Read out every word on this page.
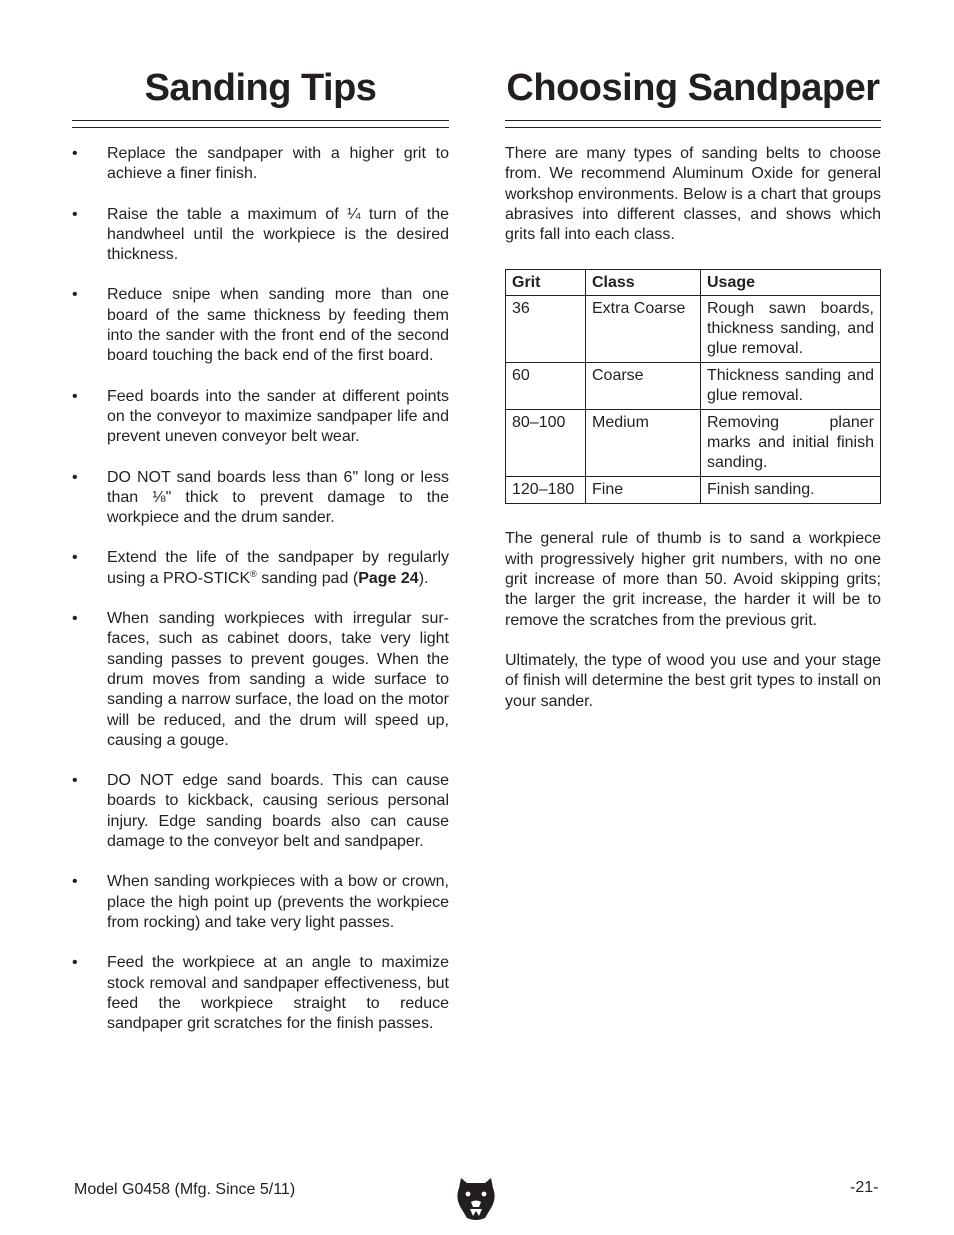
Sanding Tips
• Replace the sandpaper with a higher grit to achieve a finer finish.
• Raise the table a maximum of ¼ turn of the handwheel until the workpiece is the desired thickness.
• Reduce snipe when sanding more than one board of the same thickness by feeding them into the sander with the front end of the second board touching the back end of the first board.
• Feed boards into the sander at different points on the conveyor to maximize sandpaper life and prevent uneven conveyor belt wear.
• DO NOT sand boards less than 6" long or less than ⅛" thick to prevent damage to the workpiece and the drum sander.
• Extend the life of the sandpaper by regularly using a PRO-STICK® sanding pad (Page 24).
• When sanding workpieces with irregular surfaces, such as cabinet doors, take very light sanding passes to prevent gouges. When the drum moves from sanding a wide surface to sanding a narrow surface, the load on the motor will be reduced, and the drum will speed up, causing a gouge.
• DO NOT edge sand boards. This can cause boards to kickback, causing serious personal injury. Edge sanding boards also can cause damage to the conveyor belt and sandpaper.
• When sanding workpieces with a bow or crown, place the high point up (prevents the workpiece from rocking) and take very light passes.
• Feed the workpiece at an angle to maximize stock removal and sandpaper effectiveness, but feed the workpiece straight to reduce sandpaper grit scratches for the finish passes.
Choosing Sandpaper

There are many types of sanding belts to choose from. We recommend Aluminum Oxide for general workshop environments. Below is a chart that groups abrasives into different classes, and shows which grits fall into each class.

Grit	Class	Usage
36	Extra Coarse	Rough sawn boards, thickness sanding, and glue removal.
60	Coarse	Thickness sanding and glue removal.
80–100	Medium	Removing planer marks and initial finish sanding.
120–180	Fine	Finish sanding.

The general rule of thumb is to sand a workpiece with progressively higher grit numbers, with no one grit increase of more than 50. Avoid skipping grits; the larger the grit increase, the harder it will be to remove the scratches from the previous grit.

Ultimately, the type of wood you use and your stage of finish will determine the best grit types to install on your sander.

Model G0458 (Mfg. Since 5/11)	-21-
